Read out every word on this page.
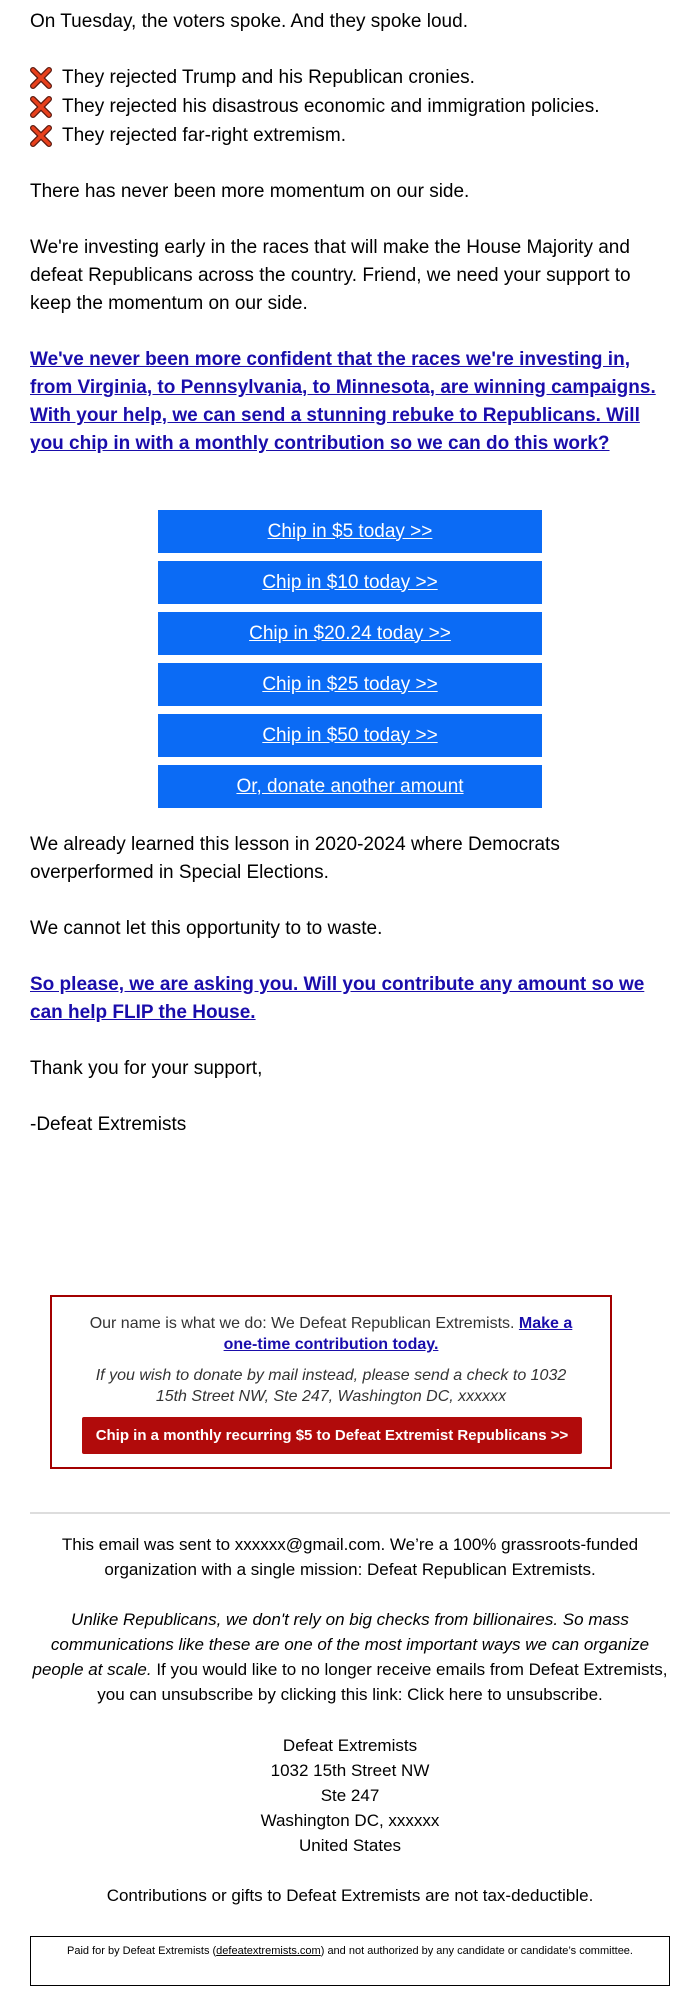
On Tuesday, the voters spoke. And they spoke loud.

They rejected Trump and his Republican cronies.
They rejected his disastrous economic and immigration policies.
They rejected far-right extremism.

There has never been more momentum on our side.

We're investing early in the races that will make the House Majority and defeat Republicans across the country. Friend, we need your support to keep the momentum on our side.

We've never been more confident that the races we're investing in, from Virginia, to Pennsylvania, to Minnesota, are winning campaigns. With your help, we can send a stunning rebuke to Republicans. Will you chip in with a monthly contribution so we can do this work?

Chip in $5 today >>
Chip in $10 today >>
Chip in $20.24 today >>
Chip in $25 today >>
Chip in $50 today >>
Or, donate another amount

We already learned this lesson in 2020-2024 where Democrats overperformed in Special Elections.

We cannot let this opportunity to to waste.

So please, we are asking you. Will you contribute any amount so we can help FLIP the House.

Thank you for your support,

-Defeat Extremists

Our name is what we do: We Defeat Republican Extremists. Make a one-time contribution today.
If you wish to donate by mail instead, please send a check to 1032 15th Street NW, Ste 247, Washington DC, xxxxxx
Chip in a monthly recurring $5 to Defeat Extremist Republicans >>

This email was sent to xxxxxx@gmail.com. We’re a 100% grassroots-funded organization with a single mission: Defeat Republican Extremists.

Unlike Republicans, we don't rely on big checks from billionaires. So mass communications like these are one of the most important ways we can organize people at scale. If you would like to no longer receive emails from Defeat Extremists, you can unsubscribe by clicking this link: Click here to unsubscribe.

Defeat Extremists
1032 15th Street NW
Ste 247
Washington DC, xxxxxx
United States

Contributions or gifts to Defeat Extremists are not tax-deductible.

Paid for by Defeat Extremists (defeatextremists.com) and not authorized by any candidate or candidate’s committee.
